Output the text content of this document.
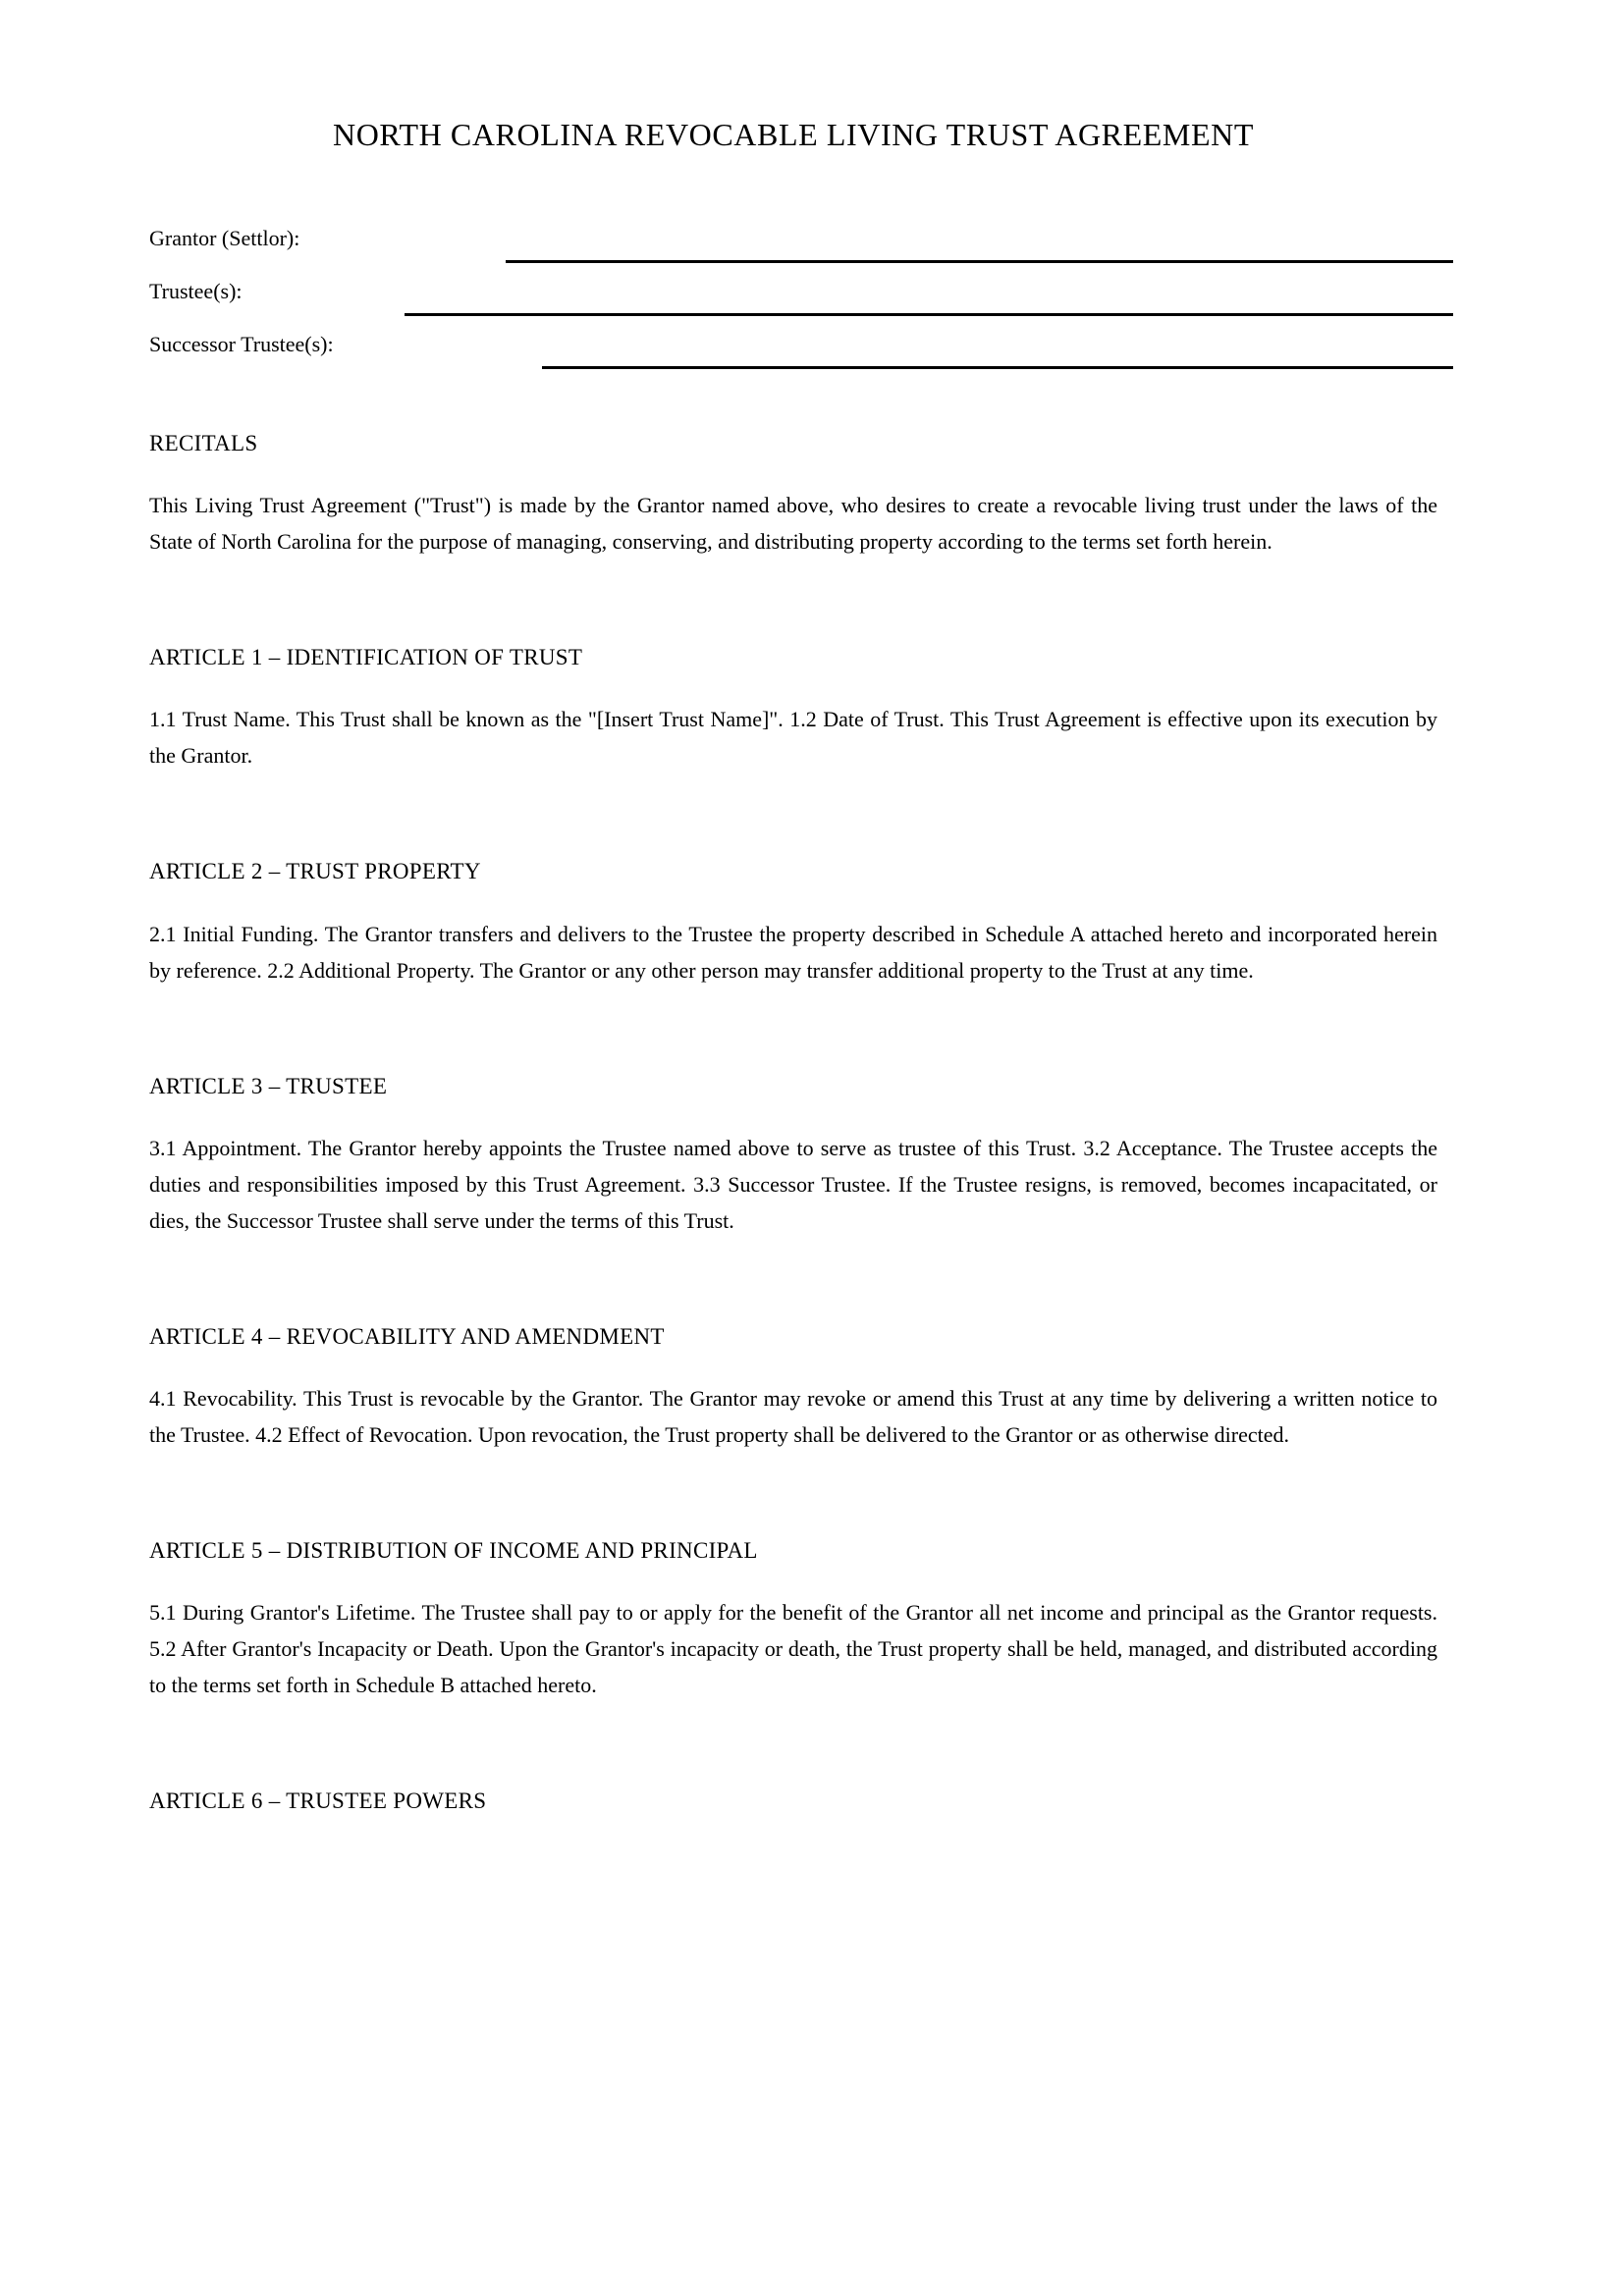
NORTH CAROLINA REVOCABLE LIVING TRUST AGREEMENT
Grantor (Settlor):
Trustee(s):
Successor Trustee(s):
RECITALS

This Living Trust Agreement ("Trust") is made by the Grantor named above, who desires to create a revocable living trust under the laws of the State of North Carolina for the purpose of managing, conserving, and distributing property according to the terms set forth herein.

ARTICLE 1 – IDENTIFICATION OF TRUST

1.1 Trust Name. This Trust shall be known as the "[Insert Trust Name]". 1.2 Date of Trust. This Trust Agreement is effective upon its execution by the Grantor.

ARTICLE 2 – TRUST PROPERTY

2.1 Initial Funding. The Grantor transfers and delivers to the Trustee the property described in Schedule A attached hereto and incorporated herein by reference. 2.2 Additional Property. The Grantor or any other person may transfer additional property to the Trust at any time.

ARTICLE 3 – TRUSTEE

3.1 Appointment. The Grantor hereby appoints the Trustee named above to serve as trustee of this Trust. 3.2 Acceptance. The Trustee accepts the duties and responsibilities imposed by this Trust Agreement. 3.3 Successor Trustee. If the Trustee resigns, is removed, becomes incapacitated, or dies, the Successor Trustee shall serve under the terms of this Trust.

ARTICLE 4 – REVOCABILITY AND AMENDMENT

4.1 Revocability. This Trust is revocable by the Grantor. The Grantor may revoke or amend this Trust at any time by delivering a written notice to the Trustee. 4.2 Effect of Revocation. Upon revocation, the Trust property shall be delivered to the Grantor or as otherwise directed.

ARTICLE 5 – DISTRIBUTION OF INCOME AND PRINCIPAL

5.1 During Grantor's Lifetime. The Trustee shall pay to or apply for the benefit of the Grantor all net income and principal as the Grantor requests. 5.2 After Grantor's Incapacity or Death. Upon the Grantor's incapacity or death, the Trust property shall be held, managed, and distributed according to the terms set forth in Schedule B attached hereto.

ARTICLE 6 – TRUSTEE POWERS
